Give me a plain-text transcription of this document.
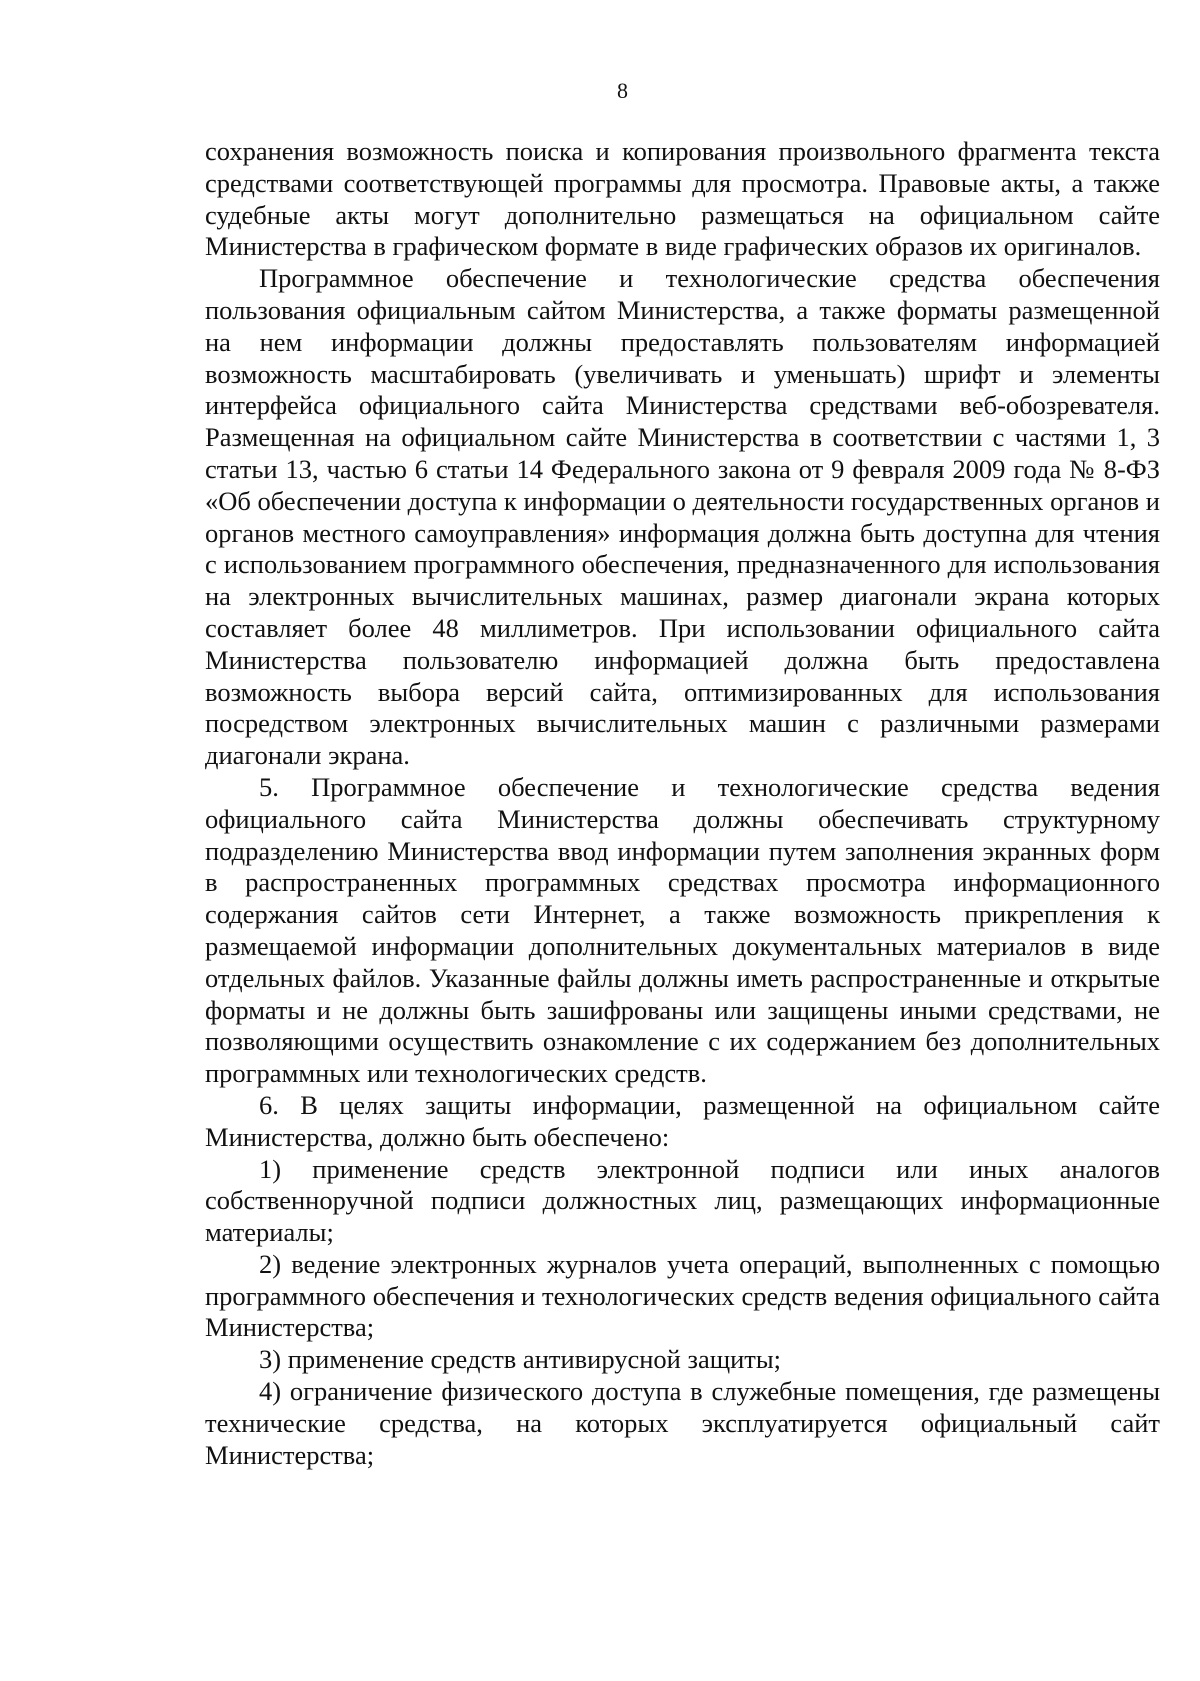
8

сохранения возможность поиска и копирования произвольного фрагмента текста средствами соответствующей программы для просмотра. Правовые акты, а также судебные акты могут дополнительно размещаться на официальном сайте Министерства в графическом формате в виде графических образов их оригиналов.

Программное обеспечение и технологические средства обеспечения пользования официальным сайтом Министерства, а также форматы размещенной на нем информации должны предоставлять пользователям информацией возможность масштабировать (увеличивать и уменьшать) шрифт и элементы интерфейса официального сайта Министерства средствами веб-обозревателя. Размещенная на официальном сайте Министерства в соответствии с частями 1, 3 статьи 13, частью 6 статьи 14 Федерального закона от 9 февраля 2009 года № 8-ФЗ «Об обеспечении доступа к информации о деятельности государственных органов и органов местного самоуправления» информация должна быть доступна для чтения с использованием программного обеспечения, предназначенного для использования на электронных вычислительных машинах, размер диагонали экрана которых составляет более 48 миллиметров. При использовании официального сайта Министерства пользователю информацией должна быть предоставлена возможность выбора версий сайта, оптимизированных для использования посредством электронных вычислительных машин с различными размерами диагонали экрана.

5. Программное обеспечение и технологические средства ведения официального сайта Министерства должны обеспечивать структурному подразделению Министерства ввод информации путем заполнения экранных форм в распространенных программных средствах просмотра информационного содержания сайтов сети Интернет, а также возможность прикрепления к размещаемой информации дополнительных документальных материалов в виде отдельных файлов. Указанные файлы должны иметь распространенные и открытые форматы и не должны быть зашифрованы или защищены иными средствами, не позволяющими осуществить ознакомление с их содержанием без дополнительных программных или технологических средств.

6. В целях защиты информации, размещенной на официальном сайте Министерства, должно быть обеспечено:

1) применение средств электронной подписи или иных аналогов собственноручной подписи должностных лиц, размещающих информационные материалы;

2) ведение электронных журналов учета операций, выполненных с помощью программного обеспечения и технологических средств ведения официального сайта Министерства;

3) применение средств антивирусной защиты;

4) ограничение физического доступа в служебные помещения, где размещены технические средства, на которых эксплуатируется официальный сайт Министерства;
